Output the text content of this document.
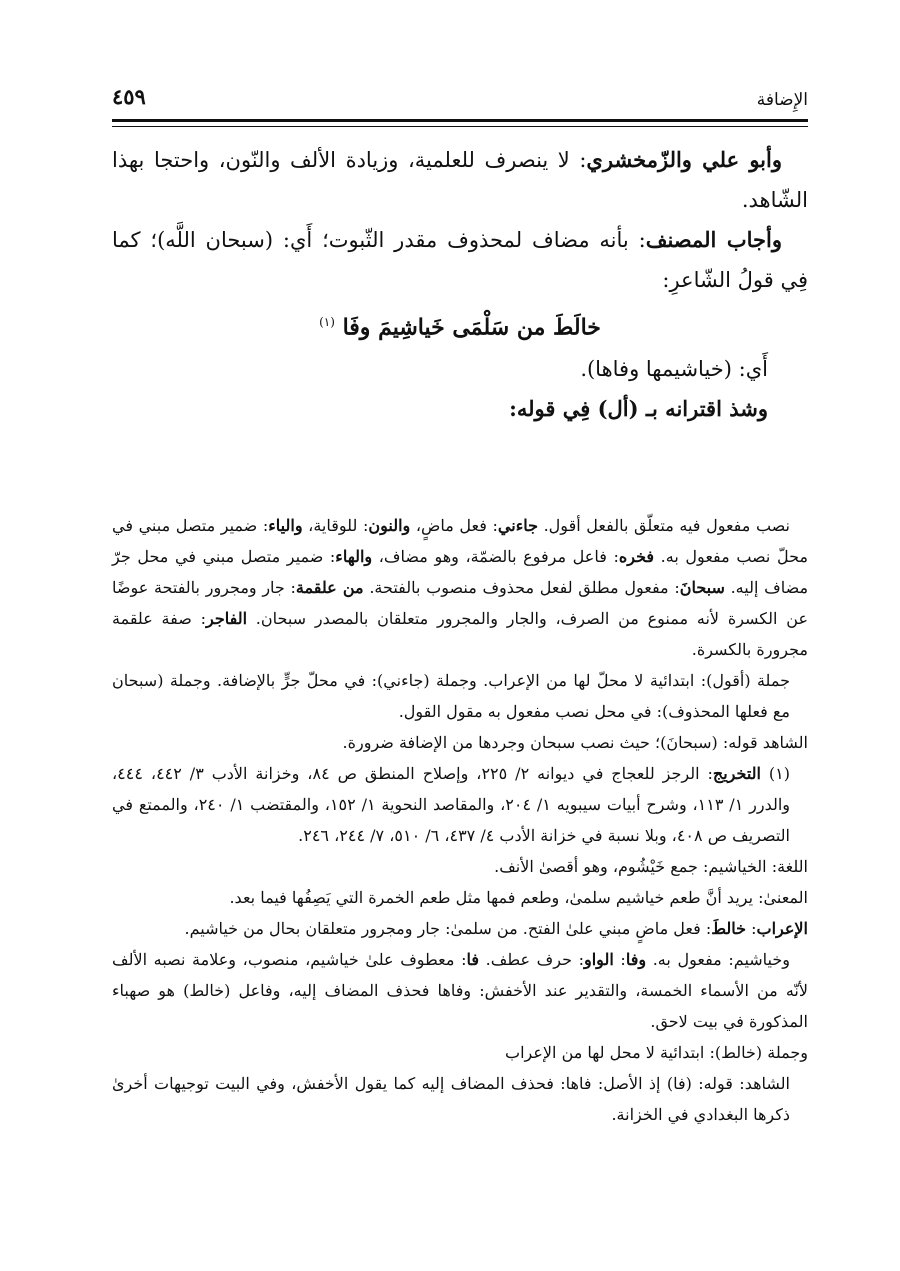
الإِضافة
٤٥٩

وأبو علي والزّمخشري: لا ينصرف للعلمية، وزيادة الألف والنّون، واحتجا بهذا الشّاهد.

وأجاب المصنف: بأنه مضاف لمحذوف مقدر الثّبوت؛ أَي: (سبحان اللَّه)؛ كما فِي قولُ الشّاعرِ:

خالَطَ من سَلْمَى خَياشِيمَ وفَا $^{(١)}$

أَي: (خياشيمها وفاها).

وشذ اقترانه بـ (أل) فِي قوله:

نصب مفعول فيه متعلّق بالفعل أقول. جاءني: فعل ماضٍ، والنون: للوقاية، والياء: ضمير متصل مبني في محلّ نصب مفعول به. فخره: فاعل مرفوع بالضمّة، وهو مضاف، والهاء: ضمير متصل مبني في محل جرّ مضاف إليه. سبحانَ: مفعول مطلق لفعل محذوف منصوب بالفتحة. من علقمة: جار ومجرور بالفتحة عوضًا عن الكسرة لأنه ممنوع من الصرف، والجار والمجرور متعلقان بالمصدر سبحان. الفاجر: صفة علقمة مجرورة بالكسرة.

جملة (أقول): ابتدائية لا محلّ لها من الإعراب. وجملة (جاءني): في محلّ جرٍّ بالإضافة. وجملة (سبحان مع فعلها المحذوف): في محل نصب مفعول به مقول القول.

الشاهد قوله: (سبحانَ)؛ حيث نصب سبحان وجردها من الإضافة ضرورة.

(١) التخريج: الرجز للعجاج في ديوانه ٢/ ٢٢٥، وإصلاح المنطق ص ٨٤، وخزانة الأدب ٣/ ٤٤٢، ٤٤٤، والدرر ١/ ١١٣، وشرح أبيات سيبويه ١/ ٢٠٤، والمقاصد النحوية ١/ ١٥٢، والمقتضب ١/ ٢٤٠، والممتع في التصريف ص ٤٠٨، وبلا نسبة في خزانة الأدب ٤/ ٤٣٧، ٦/ ٥١٠، ٧/ ٢٤٤، ٢٤٦.

اللغة: الخياشيم: جمع خَيْشُوم، وهو أقصىٰ الأنف.

المعنىٰ: يريد أنَّ طعم خياشيم سلمىٰ، وطعم فمها مثل طعم الخمرة التي يَصِفُها فيما بعد.

الإعراب: خالطَ: فعل ماضٍ مبني علىٰ الفتح. من سلمىٰ: جار ومجرور متعلقان بحال من خياشيم.

وخياشيم: مفعول به. وفا: الواو: حرف عطف. فا: معطوف علىٰ خياشيم، منصوب، وعلامة نصبه الألف لأنّه من الأسماء الخمسة، والتقدير عند الأخفش: وفاها فحذف المضاف إليه، وفاعل (خالط) هو صهباء المذكورة في بيت لاحق.

وجملة (خالط): ابتدائية لا محل لها من الإعراب

الشاهد: قوله: (فا) إذ الأصل: فاها: فحذف المضاف إليه كما يقول الأخفش، وفي البيت توجيهات أخرىٰ ذكرها البغدادي في الخزانة.
